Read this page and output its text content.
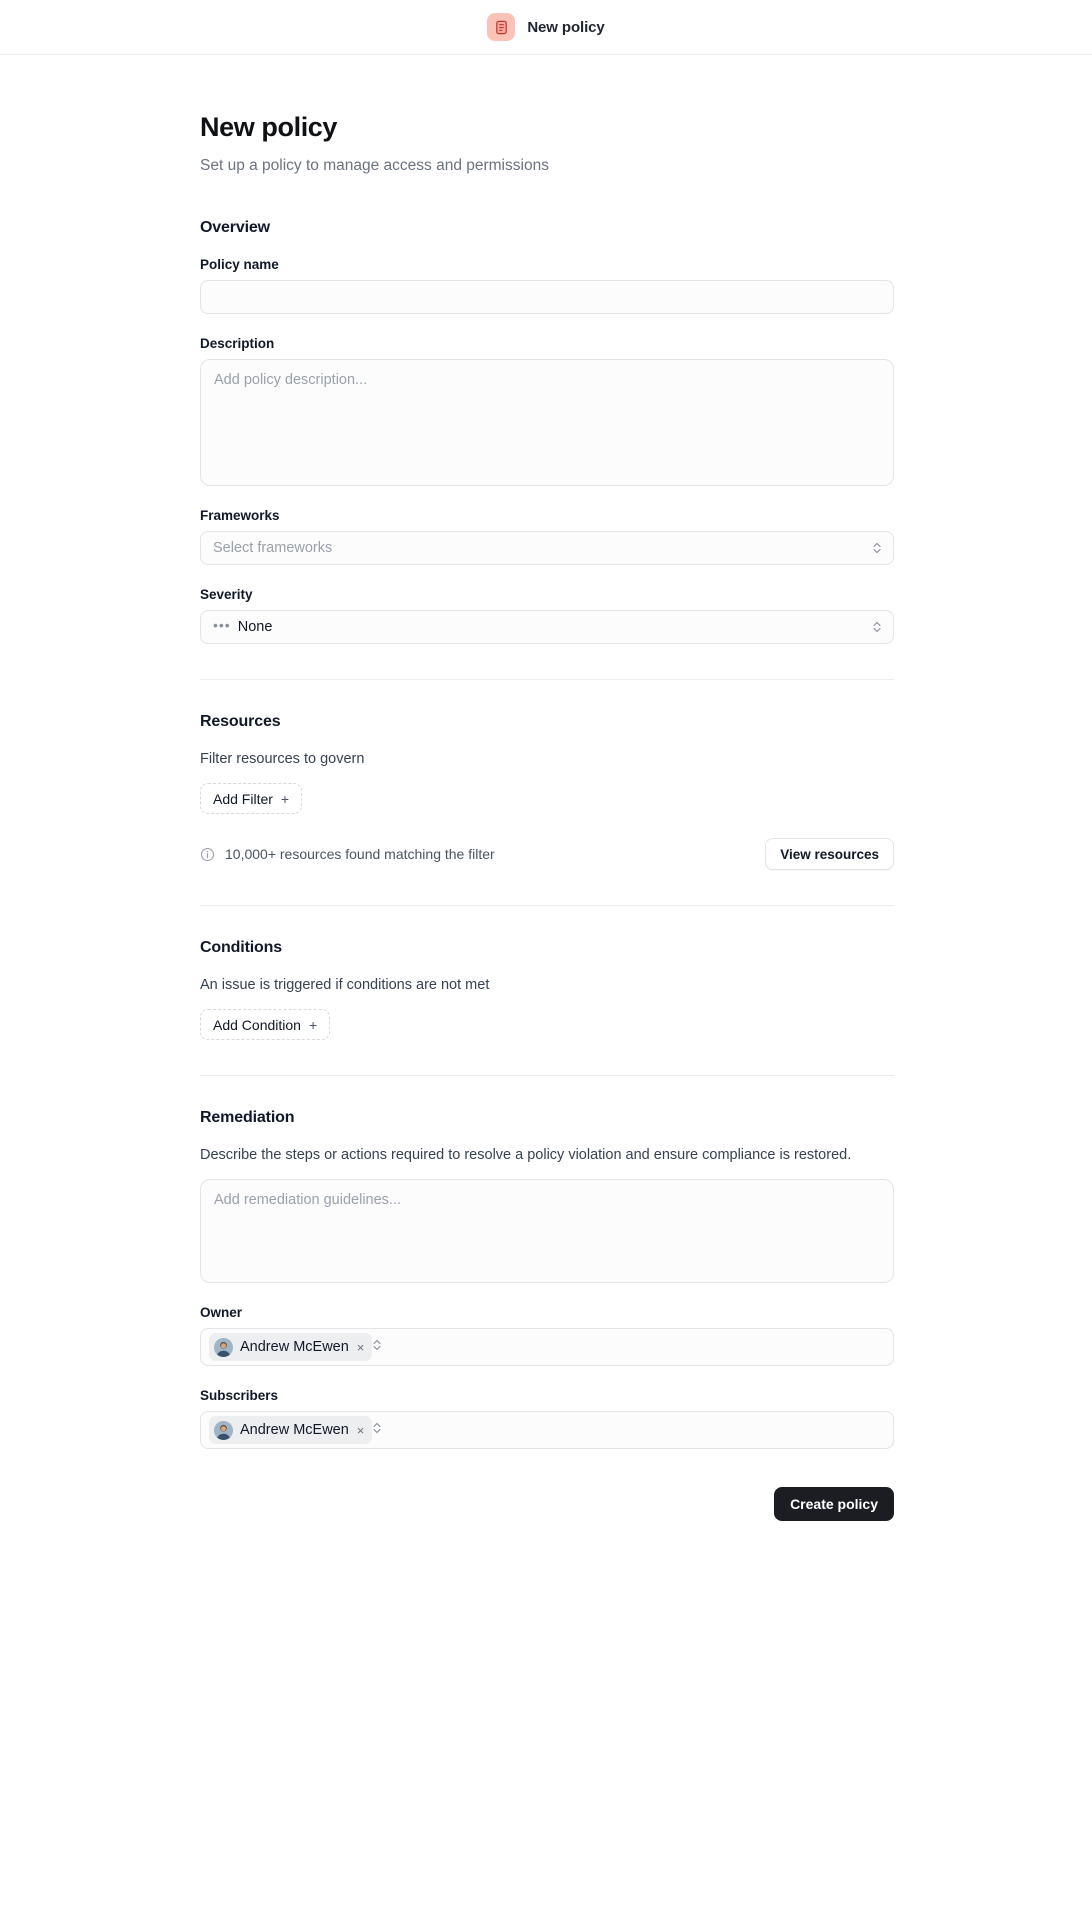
New policy
New policy

Set up a policy to manage access and permissions

Overview
Policy name
Description
Add policy description...
Frameworks
Select frameworks
Severity
••• None
Resources
Filter resources to govern
Add Filter +
10,000+ resources found matching the filter	View resources
Conditions
An issue is triggered if conditions are not met
Add Condition +
Remediation
Describe the steps or actions required to resolve a policy violation and ensure compliance is restored.
Add remediation guidelines...
Owner
Andrew McEwen ×
Subscribers
Andrew McEwen ×
Create policy
